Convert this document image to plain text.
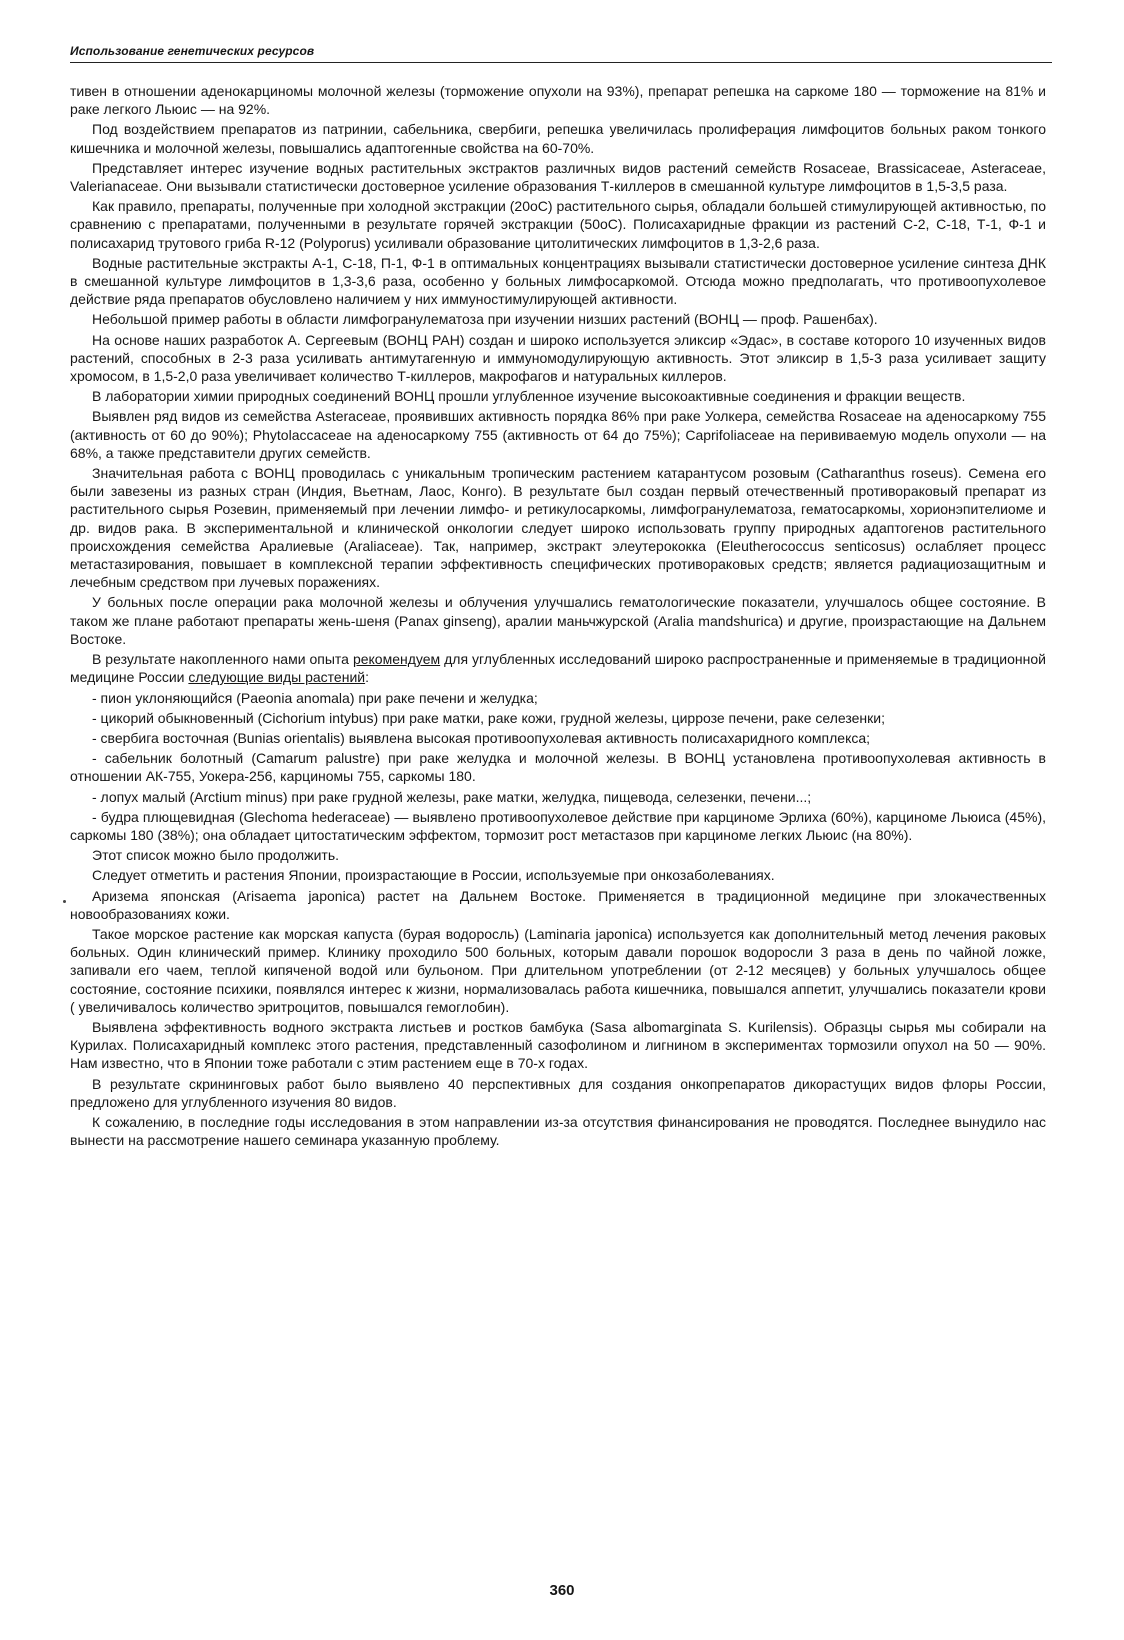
Использование генетических ресурсов

тивен в отношении аденокарциномы молочной железы (торможение опухоли на 93%), препарат репешка на саркоме 180 — торможение на 81% и раке легкого Льюис — на 92%.

Под воздействием препаратов из патринии, сабельника, свербиги, репешка увеличилась пролиферация лимфоцитов больных раком тонкого кишечника и молочной железы, повышались адаптогенные свойства на 60-70%.

Представляет интерес изучение водных растительных экстрактов различных видов растений семейств Rosaceae, Brassicaceae, Asteraceae, Valerianaceae. Они вызывали статистически достоверное усиление образования Т-киллеров в смешанной культуре лимфоцитов в 1,5-3,5 раза.

Как правило, препараты, полученные при холодной экстракции (20оС) растительного сырья, обладали большей стимулирующей активностью, по сравнению с препаратами, полученными в результате горячей экстракции (50оС). Полисахаридные фракции из растений С-2, С-18, Т-1, Ф-1 и полисахарид трутового гриба R-12 (Polyporus) усиливали образование цитолитических лимфоцитов в 1,3-2,6 раза.

Водные растительные экстракты А-1, С-18, П-1, Ф-1 в оптимальных концентрациях вызывали статистически достоверное усиление синтеза ДНК в смешанной культуре лимфоцитов в 1,3-3,6 раза, особенно у больных лимфосаркомой. Отсюда можно предполагать, что противоопухолевое действие ряда препаратов обусловлено наличием у них иммуностимулирующей активности.

Небольшой пример работы в области лимфогранулематоза при изучении низших растений (ВОНЦ — проф. Рашенбах).

На основе наших разработок А. Сергеевым (ВОНЦ РАН) создан и широко используется эликсир «Эдас», в составе которого 10 изученных видов растений, способных в 2-3 раза усиливать антимутагенную и иммуномодулирующую активность. Этот эликсир в 1,5-3 раза усиливает защиту хромосом, в 1,5-2,0 раза увеличивает количество Т-киллеров, макрофагов и натуральных киллеров.

В лаборатории химии природных соединений ВОНЦ прошли углубленное изучение высокоактивные соединения и фракции веществ.

Выявлен ряд видов из семейства Asteraceae, проявивших активность порядка 86% при раке Уолкера, семейства Rosaceae на аденосаркому 755 (активность от 60 до 90%); Phytolaccaceae на аденосаркому 755 (активность от 64 до 75%); Caprifoliaceae на перививаемую модель опухоли — на 68%, а также представители других семейств.

Значительная работа с ВОНЦ проводилась с уникальным тропическим растением катарантусом розовым (Catharanthus roseus). Семена его были завезены из разных стран (Индия, Вьетнам, Лаос, Конго). В результате был создан первый отечественный противораковый препарат из растительного сырья Розевин, применяемый при лечении лимфо- и ретикулосаркомы, лимфогранулематоза, гематосаркомы, хорионэпителиоме и др. видов рака. В экспериментальной и клинической онкологии следует широко использовать группу природных адаптогенов растительного происхождения семейства Аралиевые (Araliaceae). Так, например, экстракт элеутерококка (Eleutherococcus senticosus) ослабляет процесс метастазирования, повышает в комплексной терапии эффективность специфических противораковых средств; является радиациозащитным и лечебным средством при лучевых поражениях.

У больных после операции рака молочной железы и облучения улучшались гематологические показатели, улучшалось общее состояние. В таком же плане работают препараты жень-шеня (Panax ginseng), аралии маньчжурской (Aralia mandshurica) и другие, произрастающие на Дальнем Востоке.

В результате накопленного нами опыта рекомендуем для углубленных исследований широко распространенные и применяемые в традиционной медицине России следующие виды растений:

- пион уклоняющийся (Paeonia anomala) при раке печени и желудка;

- цикорий обыкновенный (Cichorium intybus) при раке матки, раке кожи, грудной железы, циррозе печени, раке селезенки;

- свербига восточная (Bunias orientalis) выявлена высокая противоопухолевая активность полисахаридного комплекса;

- сабельник болотный (Camarum palustre) при раке желудка и молочной железы. В ВОНЦ установлена противоопухолевая активность в отношении АК-755, Уокера-256, карциномы 755, саркомы 180.

- лопух малый (Arctium minus) при раке грудной железы, раке матки, желудка, пищевода, селезенки, печени...;

- будра плющевидная (Glechoma hederaceae) — выявлено противоопухолевое действие при карциноме Эрлиха (60%), карциноме Льюиса (45%), саркомы 180 (38%); она обладает цитостатическим эффектом, тормозит рост метастазов при карциноме легких Льюис (на 80%).

Этот список можно было продолжить.

Следует отметить и растения Японии, произрастающие в России, используемые при онкозаболеваниях.

Аризема японская (Arisaema japonica) растет на Дальнем Востоке. Применяется в традиционной медицине при злокачественных новообразованиях кожи.

Такое морское растение как морская капуста (бурая водоросль) (Laminaria japonica) используется как дополнительный метод лечения раковых больных. Один клинический пример. Клинику проходило 500 больных, которым давали порошок водоросли 3 раза в день по чайной ложке, запивали его чаем, теплой кипяченой водой или бульоном. При длительном употреблении (от 2-12 месяцев) у больных улучшалось общее состояние, состояние психики, появлялся интерес к жизни, нормализовалась работа кишечника, повышался аппетит, улучшались показатели крови ( увеличивалось количество эритроцитов, повышался гемоглобин).

Выявлена эффективность водного экстракта листьев и ростков бамбука (Sasa albomarginata S. Kurilensis). Образцы сырья мы собирали на Курилах. Полисахаридный комплекс этого растения, представленный сазофолином и лигнином в экспериментах тормозили опухол на 50 — 90%. Нам известно, что в Японии тоже работали с этим растением еще в 70-х годах.

В результате скрининговых работ было выявлено 40 перспективных для создания онкопрепаратов дикорастущих видов флоры России, предложено для углубленного изучения 80 видов.

К сожалению, в последние годы исследования в этом направлении из-за отсутствия финансирования не проводятся. Последнее вынудило нас вынести на рассмотрение нашего семинара указанную проблему.

360
